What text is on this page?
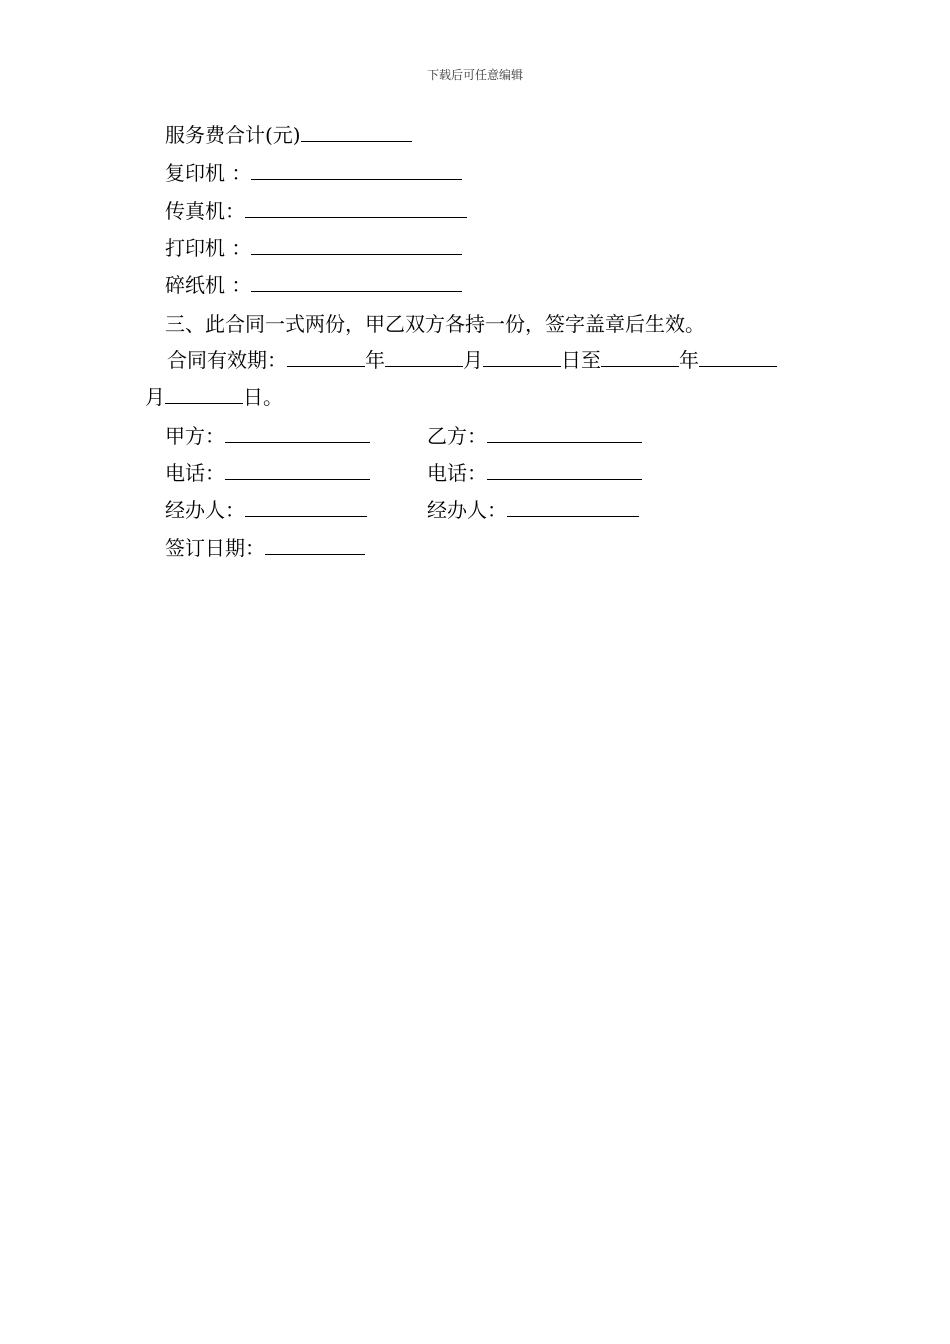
下载后可任意编辑
服务费合计(元)
复印机 ：
传真机：
打印机 ：
碎纸机 ：
三、此合同一式两份，甲乙双方各持一份，签字盖章后生效。
合同有效期：	年	月	日至	年
月	日。
甲方：	乙方：
电话：	电话：
经办人：	经办人：
签订日期：
